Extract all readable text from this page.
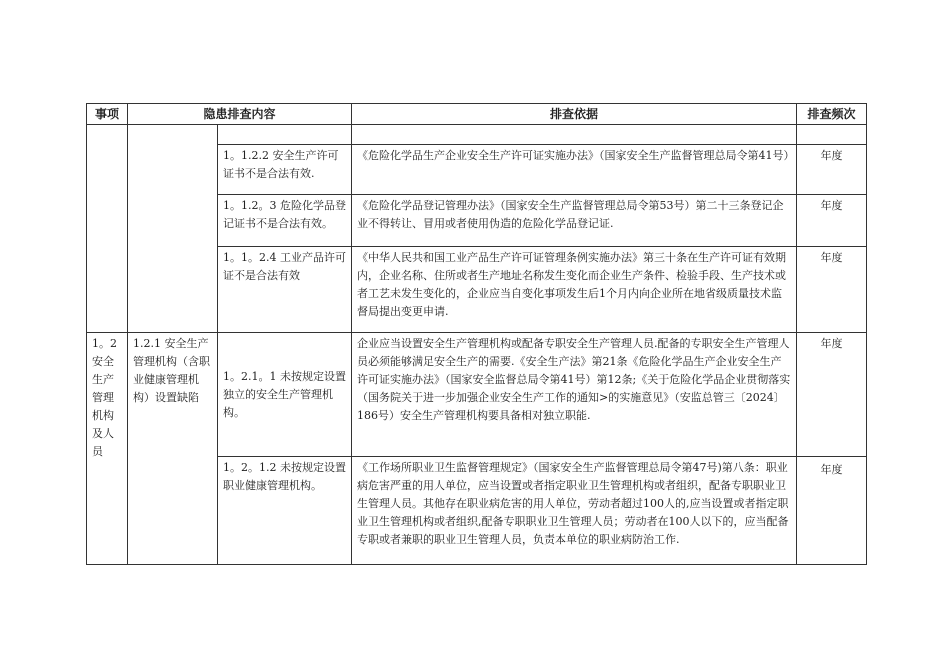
事项	隐患排查内容		排查依据	排查频次

		1。1.2.2 安全生产许可证书不是合法有效.	《危险化学品生产企业安全生产许可证实施办法》（国家安全生产监督管理总局令第41号）	年度
		1。1.2。3 危险化学品登记证书不是合法有效。	《危险化学品登记管理办法》（国家安全生产监督管理总局令第53号）第二十三条登记企业不得转让、冒用或者使用伪造的危险化学品登记证.	年度
		1。1。2.4 工业产品许可证不是合法有效	《中华人民共和国工业产品生产许可证管理条例实施办法》第三十条在生产许可证有效期内，企业名称、住所或者生产地址名称发生变化而企业生产条件、检验手段、生产技术或者工艺未发生变化的，企业应当自变化事项发生后1个月内向企业所在地省级质量技术监督局提出变更申请.	年度
1。2 安全生产管理机构及人员	1.2.1 安全生产管理机构（含职业健康管理机构）设置缺陷	1。2.1。1 未按规定设置独立的安全生产管理机构。	企业应当设置安全生产管理机构或配备专职安全生产管理人员.配备的专职安全生产管理人员必须能够满足安全生产的需要.《安全生产法》第21条《危险化学品生产企业安全生产许可证实施办法》（国家安全监督总局令第41号）第12条;《关于危险化学品企业贯彻落实（国务院关于进一步加强企业安全生产工作的通知>的实施意见》（安监总管三〔2024〕186号）安全生产管理机构要具备相对独立职能.	年度
		1。2。1.2 未按规定设置职业健康管理机构。	《工作场所职业卫生监督管理规定》（国家安全生产监督管理总局令第47号)第八条：职业病危害严重的用人单位，应当设置或者指定职业卫生管理机构或者组织，配备专职职业卫生管理人员。其他存在职业病危害的用人单位，劳动者超过100人的,应当设置或者指定职业卫生管理机构或者组织,配备专职职业卫生管理人员；劳动者在100人以下的，应当配备专职或者兼职的职业卫生管理人员，负责本单位的职业病防治工作.	年度
